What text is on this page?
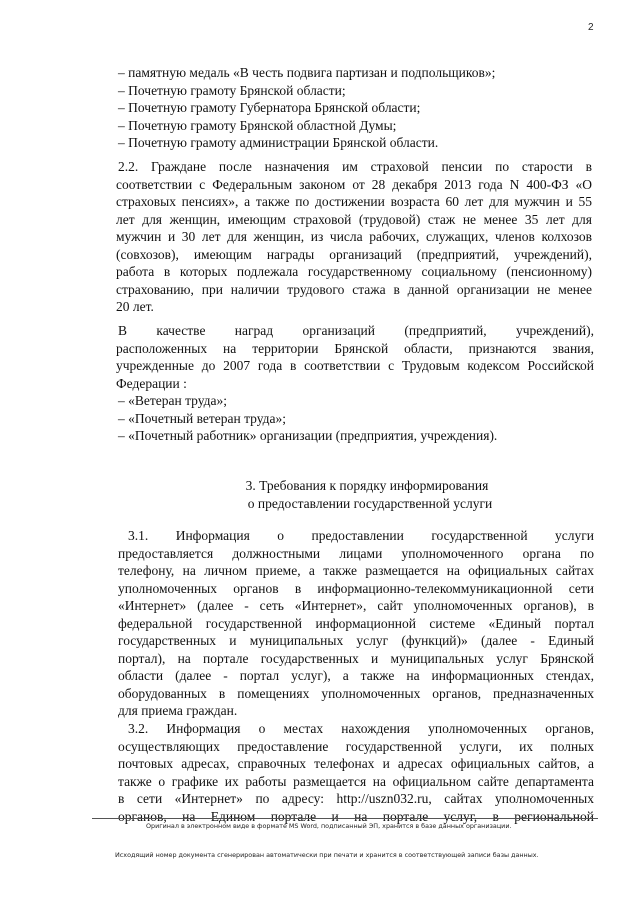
2
– памятную медаль «В честь подвига партизан и подпольщиков»;
– Почетную грамоту Брянской области;
– Почетную грамоту Губернатора Брянской области;
– Почетную грамоту Брянской областной Думы;
– Почетную грамоту администрации Брянской области.
2.2. Граждане после назначения им страховой пенсии по старости в
соответствии с Федеральным законом от 28 декабря 2013 года N 400-ФЗ «О
страховых пенсиях», а также по достижении возраста 60 лет для мужчин и 55
лет для женщин, имеющим страховой (трудовой) стаж не менее 35 лет для
мужчин и 30 лет для женщин, из числа рабочих, служащих, членов колхозов
(совхозов), имеющим награды организаций (предприятий, учреждений),
работа в которых подлежала государственному социальному (пенсионному)
страхованию, при наличии трудового стажа в данной организации не менее
20 лет.
В качестве наград организаций (предприятий, учреждений),
расположенных на территории Брянской области, признаются звания,
учрежденные до 2007 года в соответствии с Трудовым кодексом Российской
Федерации :
– «Ветеран труда»;
– «Почетный ветеран труда»;
– «Почетный работник» организации (предприятия, учреждения).
3. Требования к порядку информирования
о предоставлении государственной услуги
3.1. Информация о предоставлении государственной услуги
предоставляется должностными лицами уполномоченного органа по
телефону, на личном приеме, а также размещается на официальных сайтах
уполномоченных органов в информационно-телекоммуникационной сети
«Интернет» (далее - сеть «Интернет», сайт уполномоченных органов), в
федеральной государственной информационной системе «Единый портал
государственных и муниципальных услуг (функций)» (далее - Единый
портал), на портале государственных и муниципальных услуг Брянской
области (далее - портал услуг), а также на информационных стендах,
оборудованных в помещениях уполномоченных органов, предназначенных
для приема граждан.
3.2. Информация о местах нахождения уполномоченных органов,
осуществляющих предоставление государственной услуги, их полных
почтовых адресах, справочных телефонах и адресах официальных сайтов, а
также о графике их работы размещается на официальном сайте департамента
в сети «Интернет» по адресу: http://uszn032.ru, сайтах уполномоченных
органов, на Едином портале и на портале услуг, в региональной
Оригинал в электронном виде в формате MS Word, подписанный ЭП, хранится в базе данных организации.
Исходящий номер документа сгенерирован автоматически при печати и хранится в соответствующей записи базы данных.
